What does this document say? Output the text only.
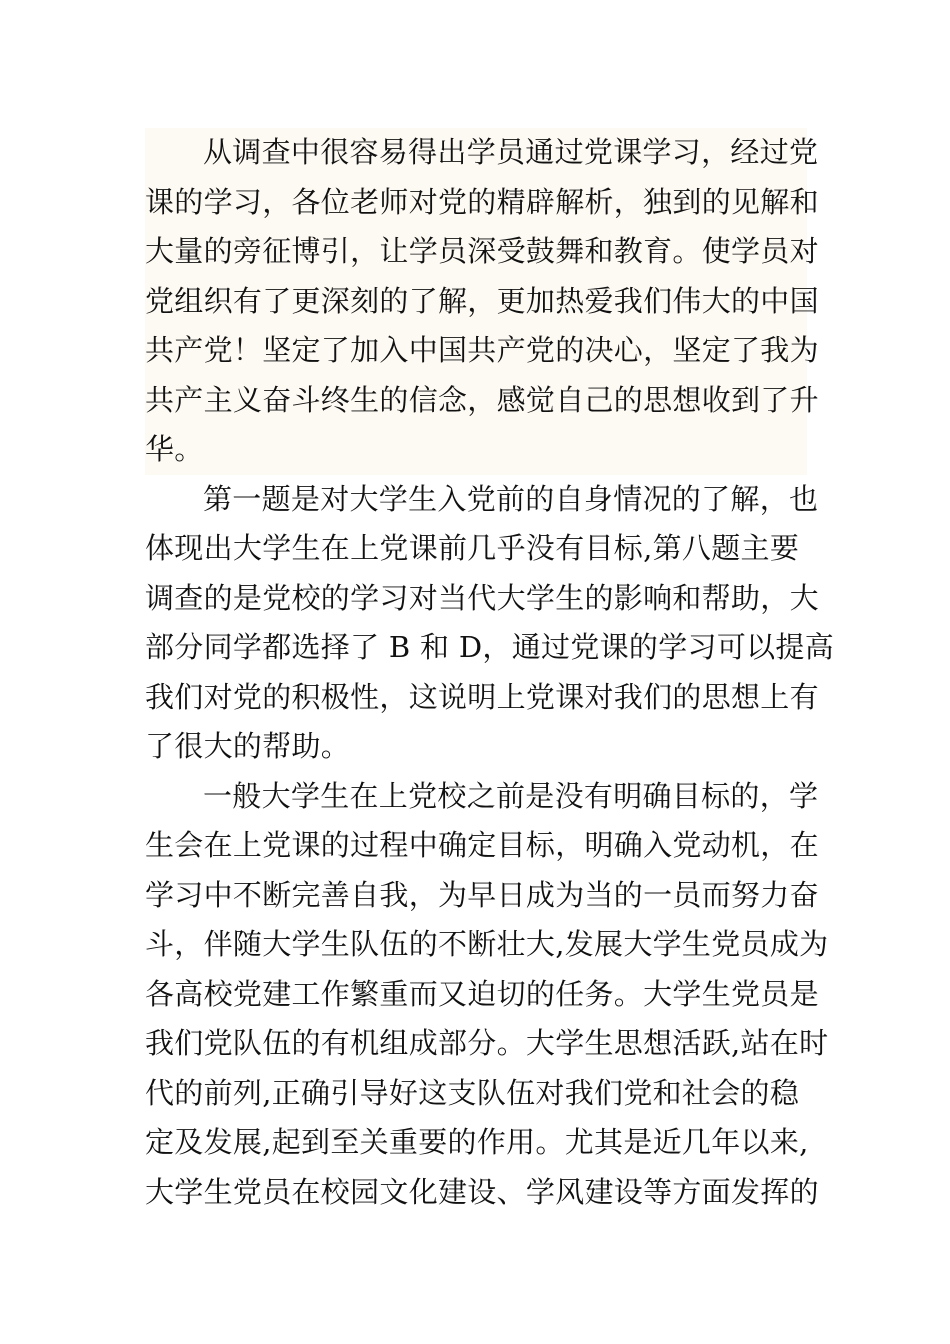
从调查中很容易得出学员通过党课学习，经过党
课的学习，各位老师对党的精辟解析，独到的见解和
大量的旁征博引，让学员深受鼓舞和教育。使学员对
党组织有了更深刻的了解，更加热爱我们伟大的中国
共产党！坚定了加入中国共产党的决心，坚定了我为
共产主义奋斗终生的信念，感觉自己的思想收到了升
华。

第一题是对大学生入党前的自身情况的了解，也
体现出大学生在上党课前几乎没有目标,第八题主要
调查的是党校的学习对当代大学生的影响和帮助，大
部分同学都选择了 B 和 D，通过党课的学习可以提高
我们对党的积极性，这说明上党课对我们的思想上有
了很大的帮助。

一般大学生在上党校之前是没有明确目标的，学
生会在上党课的过程中确定目标，明确入党动机，在
学习中不断完善自我，为早日成为当的一员而努力奋
斗，伴随大学生队伍的不断壮大,发展大学生党员成为
各高校党建工作繁重而又迫切的任务。大学生党员是
我们党队伍的有机组成部分。大学生思想活跃,站在时
代的前列,正确引导好这支队伍对我们党和社会的稳
定及发展,起到至关重要的作用。尤其是近几年以来,
大学生党员在校园文化建设、学风建设等方面发挥的
